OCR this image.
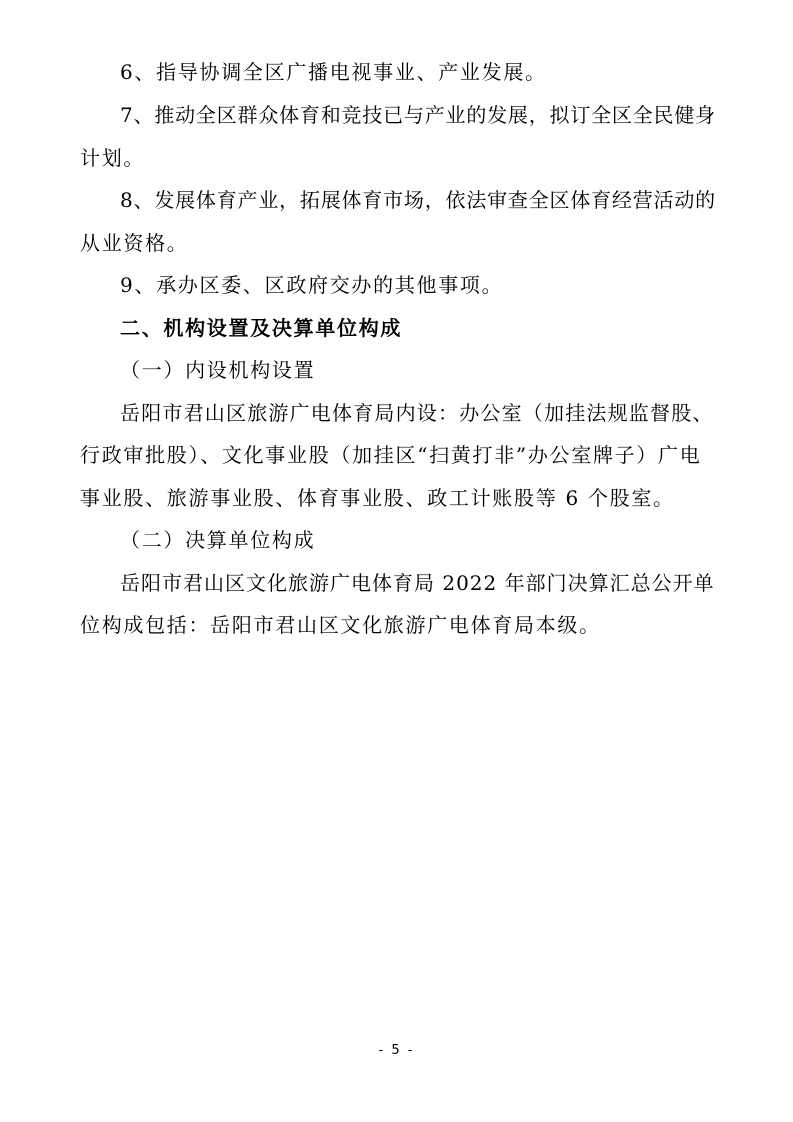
6、指导协调全区广播电视事业、产业发展。
7、推动全区群众体育和竞技已与产业的发展，拟订全区全民健身
计划。
8、发展体育产业，拓展体育市场，依法审查全区体育经营活动的
从业资格。
9、承办区委、区政府交办的其他事项。
二、机构设置及决算单位构成
（一）内设机构设置
岳阳市君山区旅游广电体育局内设：办公室（加挂法规监督股、
行政审批股）、文化事业股（加挂区“扫黄打非”办公室牌子）广电
事业股、旅游事业股、体育事业股、政工计账股等 6 个股室。
（二）决算单位构成
岳阳市君山区文化旅游广电体育局 2022 年部门决算汇总公开单
位构成包括：岳阳市君山区文化旅游广电体育局本级。
- 5 -
